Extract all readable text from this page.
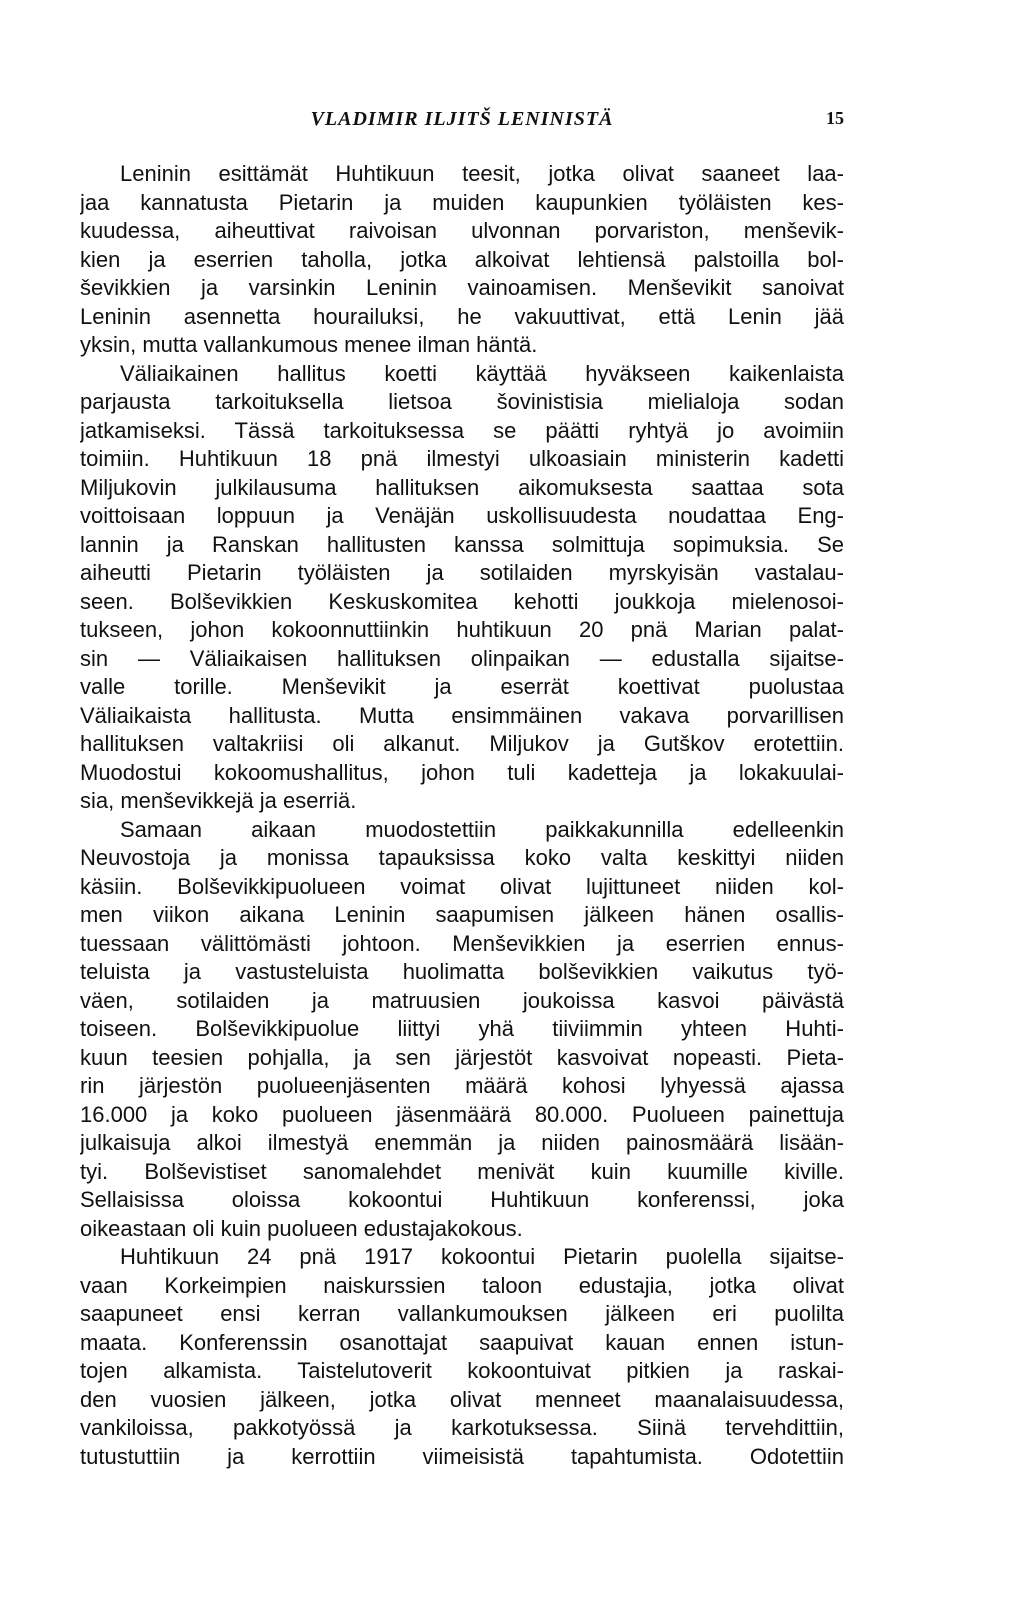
VLADIMIR ILJITŠ LENINISTÄ	15
Leninin esittämät Huhtikuun teesit, jotka olivat saaneet laa-
jaa kannatusta Pietarin ja muiden kaupunkien työläisten kes-
kuudessa, aiheuttivat raivoisan ulvonnan porvariston, menševik-
kien ja eserrien taholla, jotka alkoivat lehtiensä palstoilla bol-
ševikkien ja varsinkin Leninin vainoamisen. Menševikit sanoivat
Leninin asennetta hourailuksi, he vakuuttivat, että Lenin jää
yksin, mutta vallankumous menee ilman häntä.
Väliaikainen hallitus koetti käyttää hyväkseen kaikenlaista
parjausta tarkoituksella lietsoa šovinistisia mielialoja sodan
jatkamiseksi. Tässä tarkoituksessa se päätti ryhtyä jo avoimiin
toimiin. Huhtikuun 18 pnä ilmestyi ulkoasiain ministerin kadetti
Miljukovin julkilausuma hallituksen aikomuksesta saattaa sota
voittoisaan loppuun ja Venäjän uskollisuudesta noudattaa Eng-
lannin ja Ranskan hallitusten kanssa solmittuja sopimuksia. Se
aiheutti Pietarin työläisten ja sotilaiden myrskyisän vastalau-
seen. Bolševikkien Keskuskomitea kehotti joukkoja mielenosoi-
tukseen, johon kokoonnuttiinkin huhtikuun 20 pnä Marian palat-
sin — Väliaikaisen hallituksen olinpaikan — edustalla sijaitse-
valle torille. Menševikit ja eserrät koettivat puolustaa
Väliaikaista hallitusta. Mutta ensimmäinen vakava porvarillisen
hallituksen valtakriisi oli alkanut. Miljukov ja Gutškov erotettiin.
Muodostui kokoomushallitus, johon tuli kadetteja ja lokakuulai-
sia, menševikkejä ja eserriä.
Samaan aikaan muodostettiin paikkakunnilla edelleenkin
Neuvostoja ja monissa tapauksissa koko valta keskittyi niiden
käsiin. Bolševikkipuolueen voimat olivat lujittuneet niiden kol-
men viikon aikana Leninin saapumisen jälkeen hänen osallis-
tuessaan välittömästi johtoon. Menševikkien ja eserrien ennus-
teluista ja vastusteluista huolimatta bolševikkien vaikutus työ-
väen, sotilaiden ja matruusien joukoissa kasvoi päivästä
toiseen. Bolševikkipuolue liittyi yhä tiiviimmin yhteen Huhti-
kuun teesien pohjalla, ja sen järjestöt kasvoivat nopeasti. Pieta-
rin järjestön puolueenjäsenten määrä kohosi lyhyessä ajassa
16.000 ja koko puolueen jäsenmäärä 80.000. Puolueen painettuja
julkaisuja alkoi ilmestyä enemmän ja niiden painosmäärä lisään-
tyi. Bolševistiset sanomalehdet menivät kuin kuumille kiville.
Sellaisissa oloissa kokoontui Huhtikuun konferenssi, joka
oikeastaan oli kuin puolueen edustajakokous.
Huhtikuun 24 pnä 1917 kokoontui Pietarin puolella sijaitse-
vaan Korkeimpien naiskurssien taloon edustajia, jotka olivat
saapuneet ensi kerran vallankumouksen jälkeen eri puolilta
maata. Konferenssin osanottajat saapuivat kauan ennen istun-
tojen alkamista. Taistelutoverit kokoontuivat pitkien ja raskai-
den vuosien jälkeen, jotka olivat menneet maanalaisuudessa,
vankiloissa, pakkotyössä ja karkotuksessa. Siinä tervehdittiin,
tutustuttiin ja kerrottiin viimeisistä tapahtumista. Odotettiin
